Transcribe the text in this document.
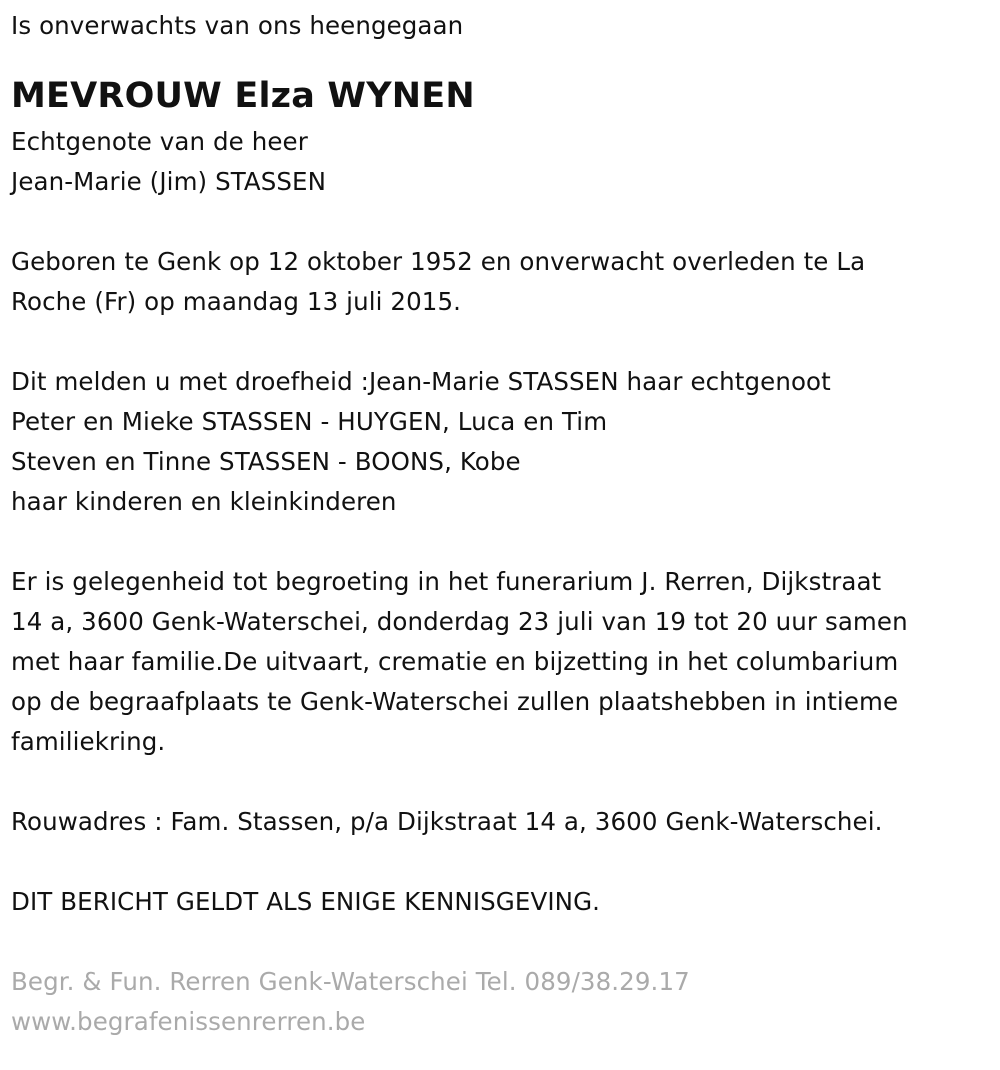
Is onverwachts van ons heengegaan
MEVROUW Elza WYNEN
Echtgenote van de heer
Jean-Marie (Jim) STASSEN
Geboren te Genk op 12 oktober 1952 en onverwacht overleden te La
Roche (Fr) op maandag 13 juli 2015.
Dit melden u met droefheid :Jean-Marie STASSEN haar echtgenoot
Peter en Mieke STASSEN - HUYGEN, Luca en Tim
Steven en Tinne STASSEN - BOONS, Kobe
haar kinderen en kleinkinderen
Er is gelegenheid tot begroeting in het funerarium J. Rerren, Dijkstraat
14 a, 3600 Genk-Waterschei, donderdag 23 juli van 19 tot 20 uur samen
met haar familie.De uitvaart, crematie en bijzetting in het columbarium
op de begraafplaats te Genk-Waterschei zullen plaatshebben in intieme
familiekring.
Rouwadres : Fam. Stassen, p/a Dijkstraat 14 a, 3600 Genk-Waterschei.
DIT BERICHT GELDT ALS ENIGE KENNISGEVING.
Begr. & Fun. Rerren Genk-Waterschei Tel. 089/38.29.17
www.begrafenissenrerren.be
